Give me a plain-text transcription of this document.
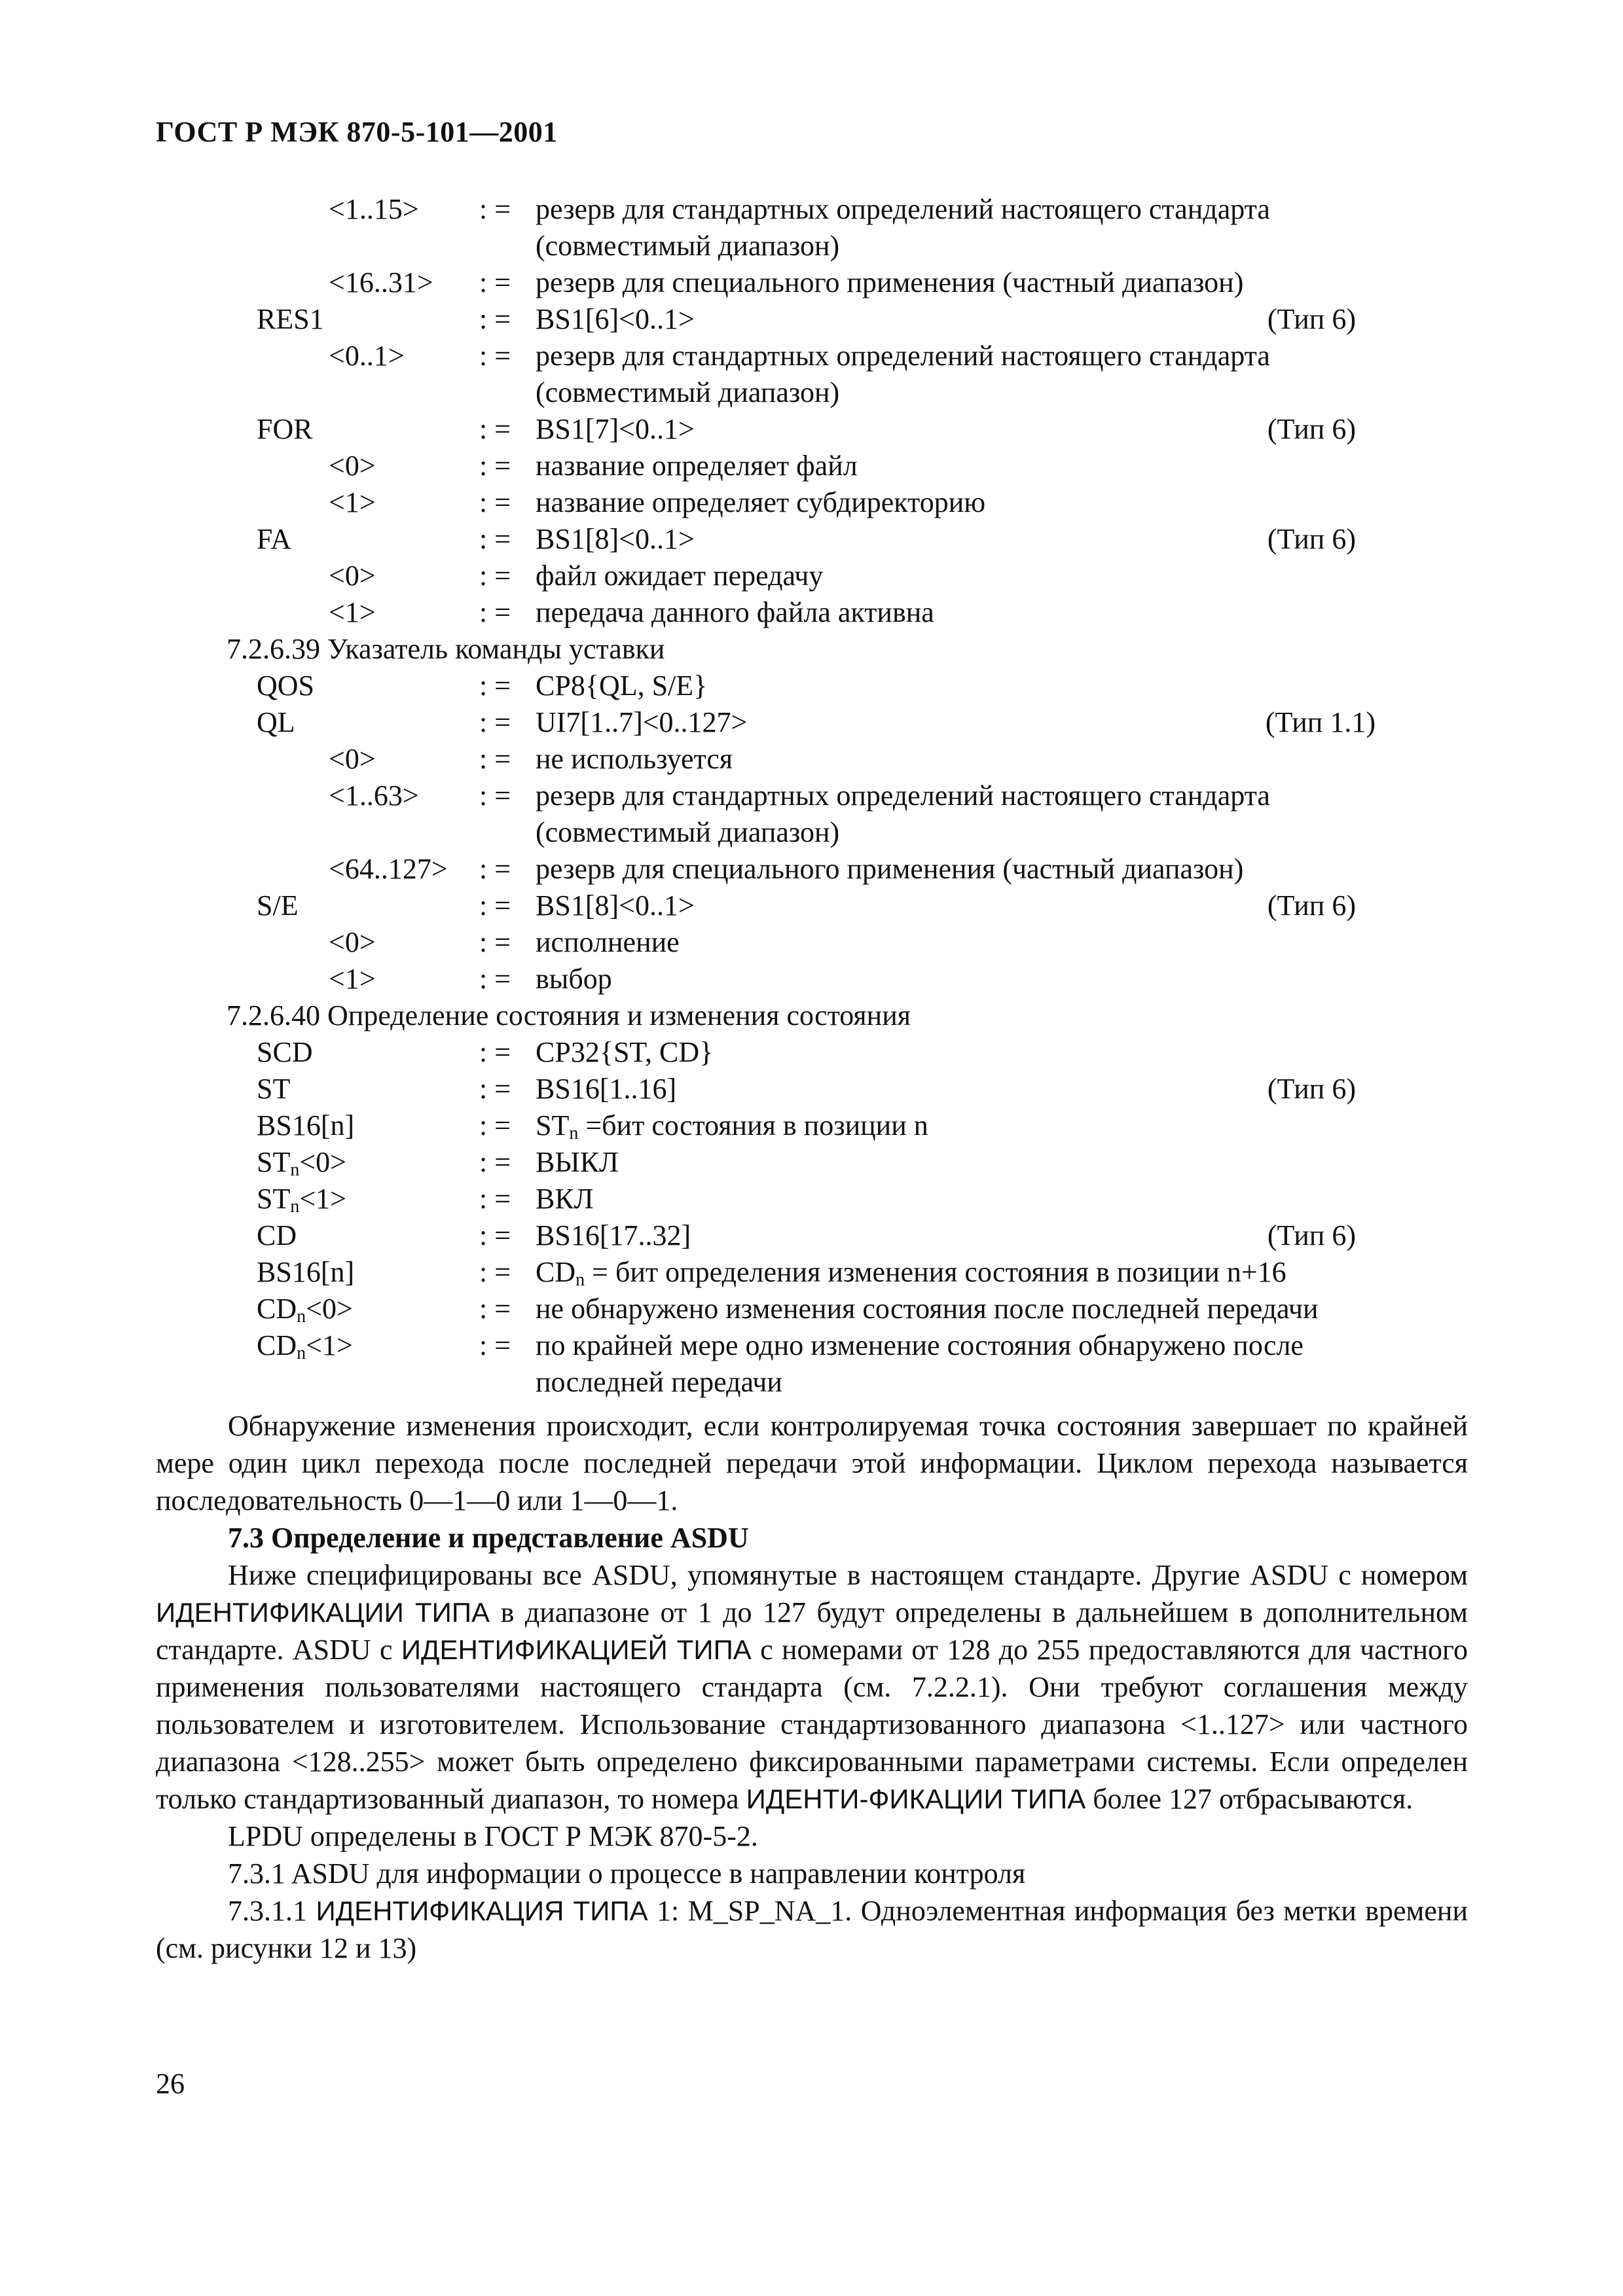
ГОСТ Р МЭК 870-5-101—2001
<1..15> : = резерв для стандартных определений настоящего стандарта
(совместимый диапазон)
<16..31> : = резерв для специального применения (частный диапазон)
RES1	: = BS1[6]<0..1>	(Тип 6)
<0..1>	: = резерв для стандартных определений настоящего стандарта
(совместимый диапазон)
FOR	: = BS1[7]<0..1>	(Тип 6)
<0>	: = название определяет файл
<1>	: = название определяет субдиректорию
FA	: = BS1[8]<0..1>	(Тип 6)
<0>	: = файл ожидает передачу
<1>	: = передача данного файла активна
7.2.6.39 Указатель команды уставки
QOS	: = CP8{QL, S/E}
QL	: = UI7[1..7]<0..127>	(Тип 1.1)
<0>	: = не используется
<1..63> : = резерв для стандартных определений настоящего стандарта
(совместимый диапазон)
<64..127> : = резерв для специального применения (частный диапазон)
S/E	: = BS1[8]<0..1>	(Тип 6)
<0>	: = исполнение
<1>	: = выбор
7.2.6.40 Определение состояния и изменения состояния
SCD	: = CP32{ST, CD}
ST	: = BS16[1..16]	(Тип 6)
BS16[n]	: = $ST_n =бит$ состояния в позиции n
$ST_n<0>$	: = ВЫКЛ
$ST_n<1>$	: = ВКЛ
CD	: = BS16[17..32]	(Тип 6)
BS16[n]	: = $CD_n$ = бит определения изменения состояния в позиции n+16
$CD_n<0>$	: = не обнаружено изменения состояния после последней передачи
$CD_n<1>$	: = по крайней мере одно изменение состояния обнаружено после
последней передачи

Обнаружение изменения происходит, если контролируемая точка состояния завершает по крайней мере один цикл перехода после последней передачи этой информации. Циклом перехода называется последовательность 0—1—0 или 1—0—1.

7.3 Определение и представление ASDU

Ниже специфицированы все ASDU, упомянутые в настоящем стандарте. Другие ASDU с номером ИДЕНТИФИКАЦИИ ТИПА в диапазоне от 1 до 127 будут определены в дальнейшем в дополнительном стандарте. ASDU с ИДЕНТИФИКАЦИЕЙ ТИПА с номерами от 128 до 255 предоставляются для частного применения пользователями настоящего стандарта (см. 7.2.2.1). Они требуют соглашения между пользователем и изготовителем. Использование стандартизованного диапазона <1..127> или частного диапазона <128..255> может быть определено фиксированными параметрами системы. Если определен только стандартизованный диапазон, то номера ИДЕНТИ-ФИКАЦИИ ТИПА более 127 отбрасываются.

LPDU определены в ГОСТ Р МЭК 870-5-2.

7.3.1 ASDU для информации о процессе в направлении контроля

7.3.1.1 ИДЕНТИФИКАЦИЯ ТИПА 1: M_SP_NA_1. Одноэлементная информация без метки времени (см. рисунки 12 и 13)

26
